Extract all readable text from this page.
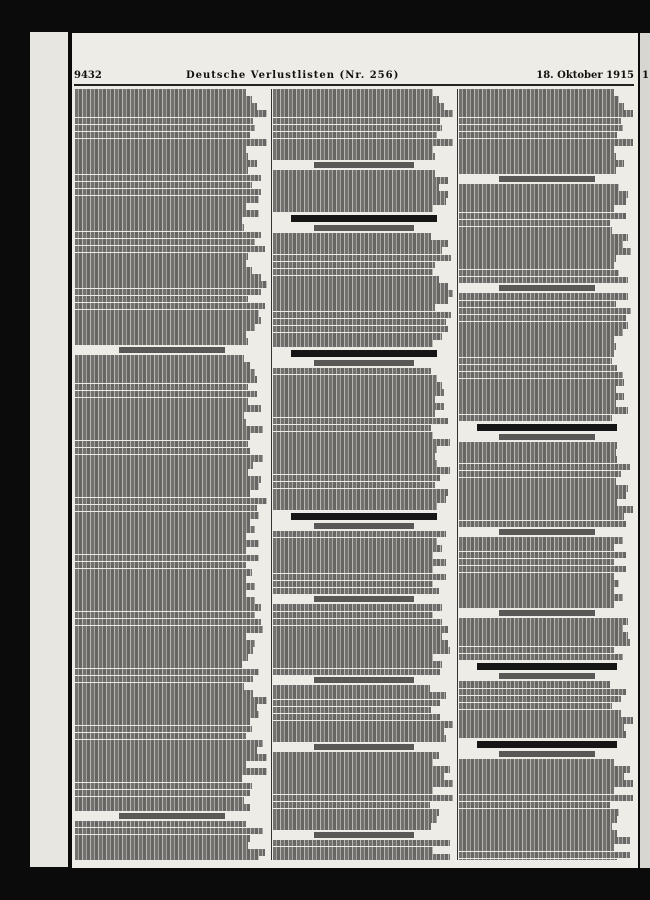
1
9432	Deutsche Verlustlisten (Nr. 256)	18. Oktober 1915
